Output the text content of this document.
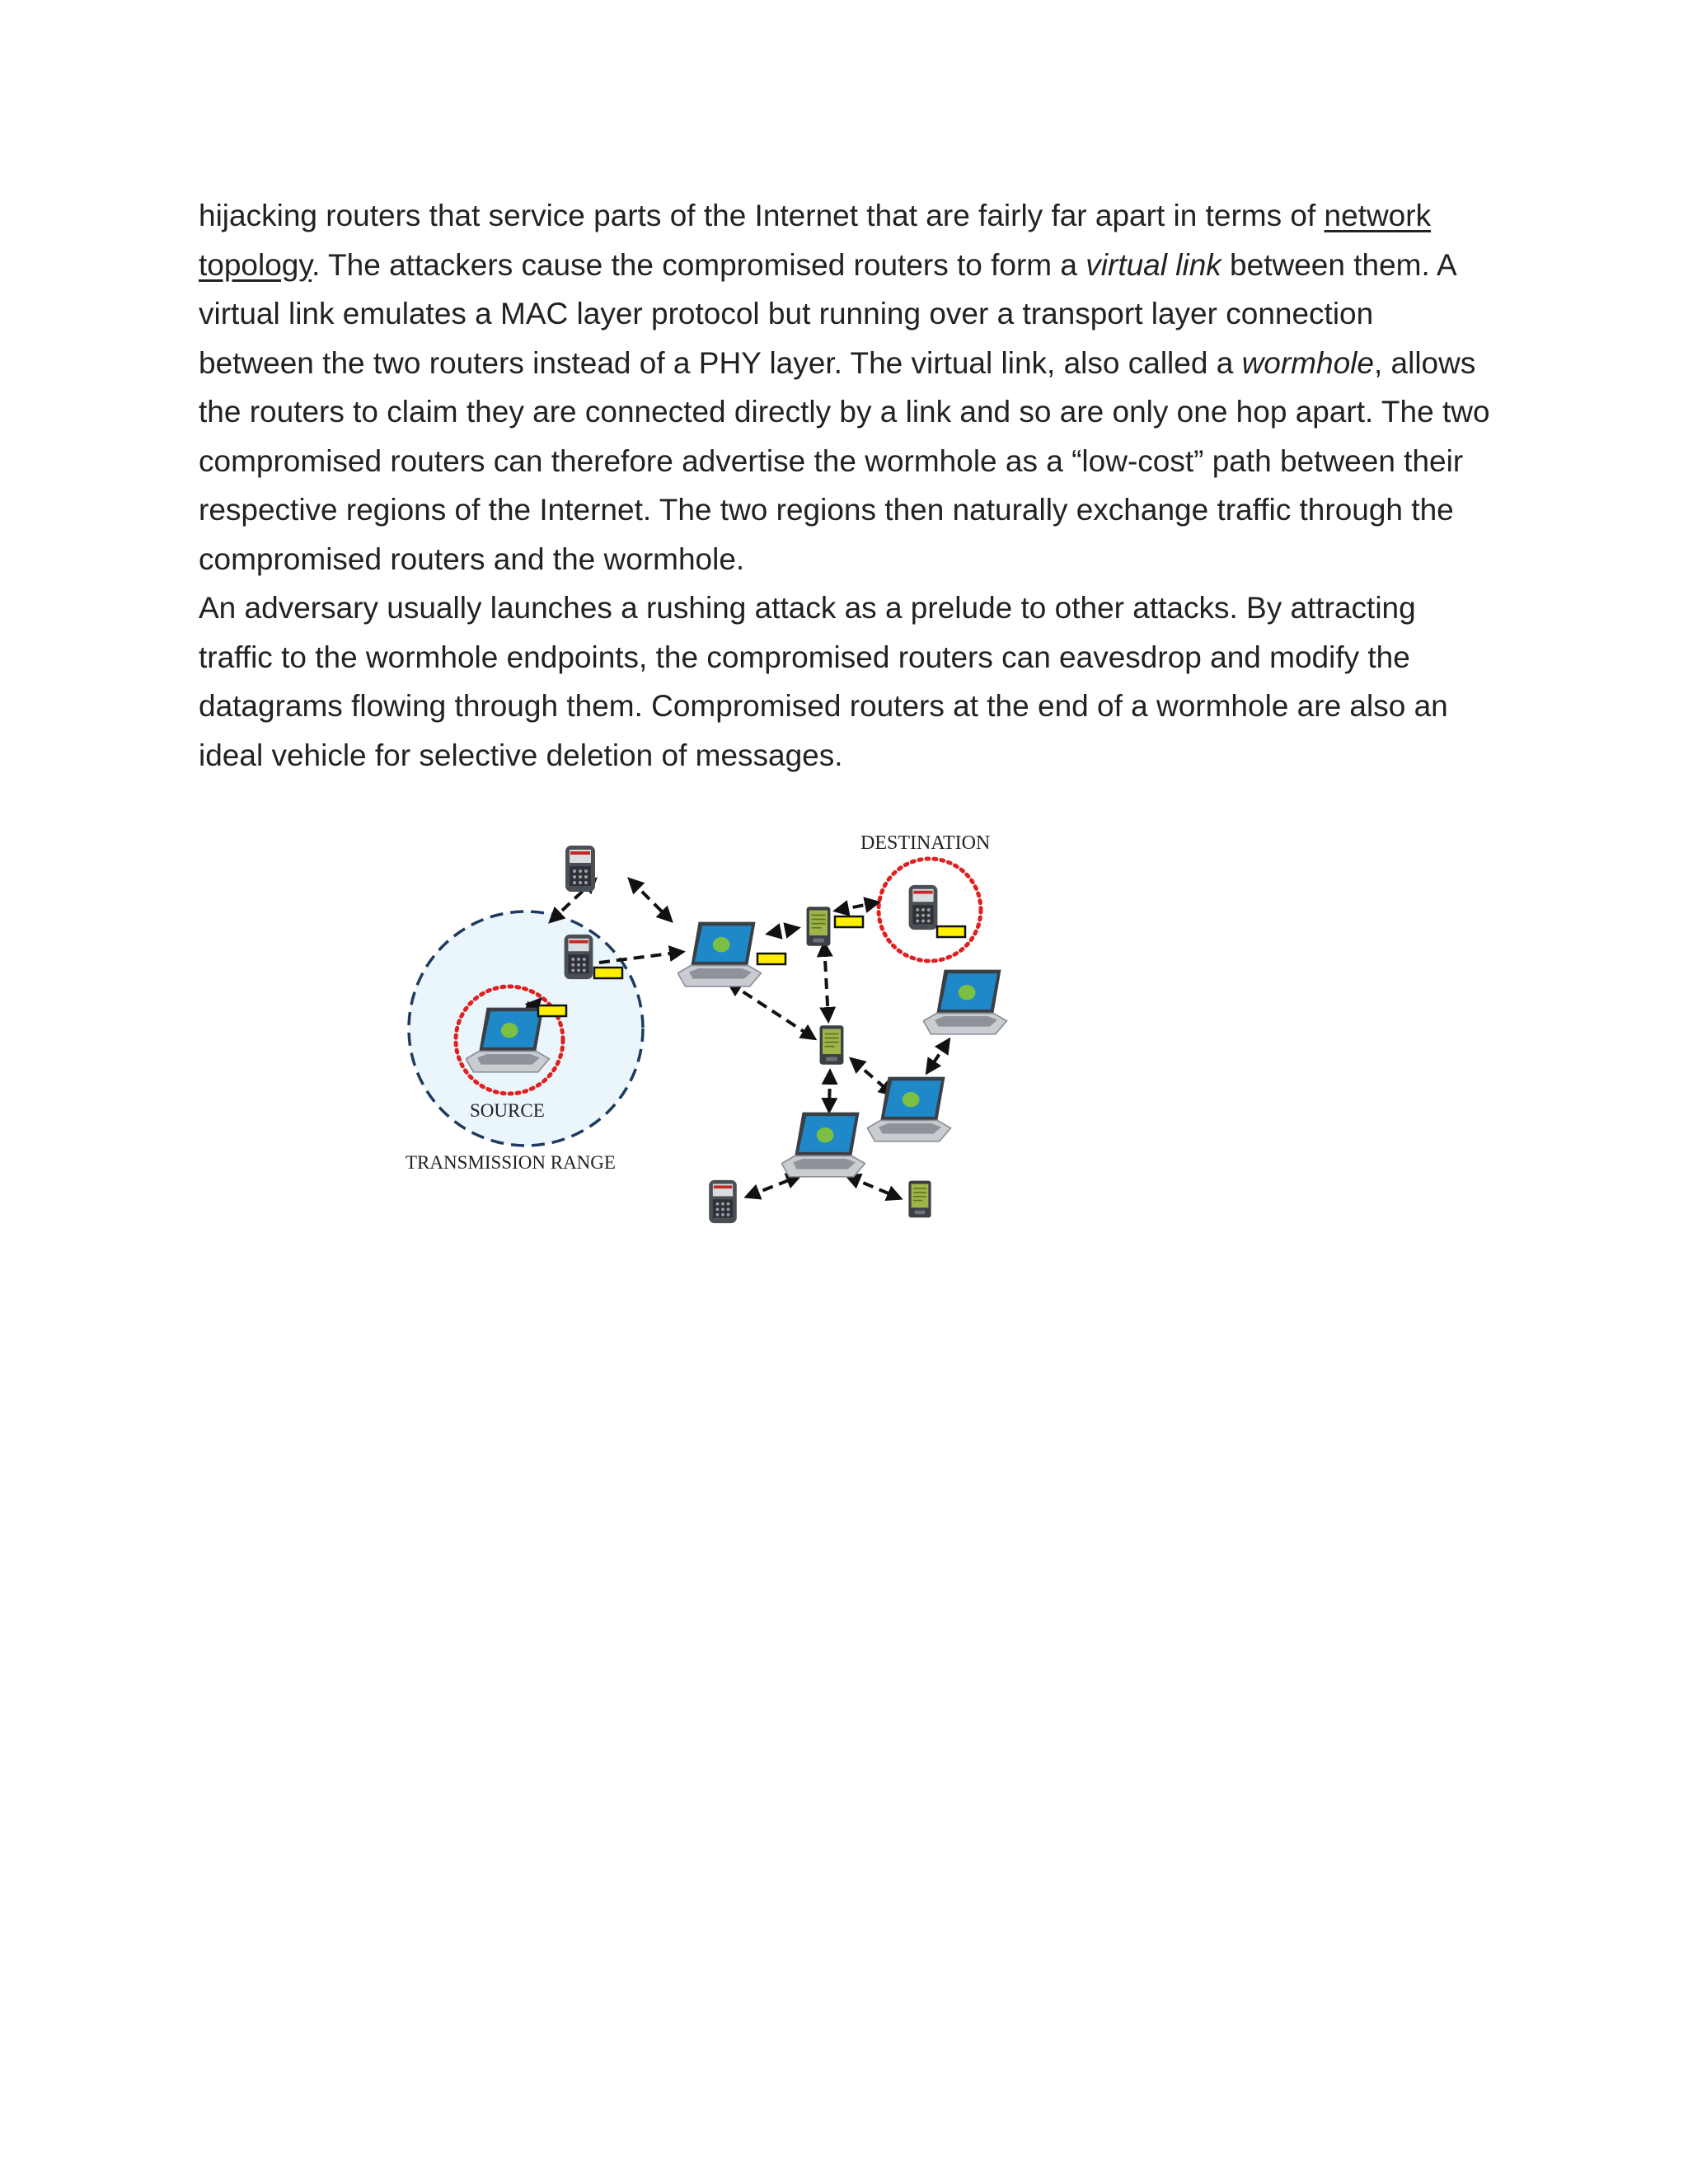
hijacking routers that service parts of the Internet that are fairly far apart in terms of network

topology. The attackers cause the compromised routers to form a virtual link between them. A

virtual link emulates a MAC layer protocol but running over a transport layer connection

between the two routers instead of a PHY layer. The virtual link, also called a wormhole, allows

the routers to claim they are connected directly by a link and so are only one hop apart. The two

compromised routers can therefore advertise the wormhole as a “low-cost” path between their

respective regions of the Internet. The two regions then naturally exchange traffic through the

compromised routers and the wormhole.

An adversary usually launches a rushing attack as a prelude to other attacks. By attracting

traffic to the wormhole endpoints, the compromised routers can eavesdrop and modify the

datagrams flowing through them. Compromised routers at the end of a wormhole are also an

ideal vehicle for selective deletion of messages.

DESTINATION
SOURCE
TRANSMISSION RANGE
